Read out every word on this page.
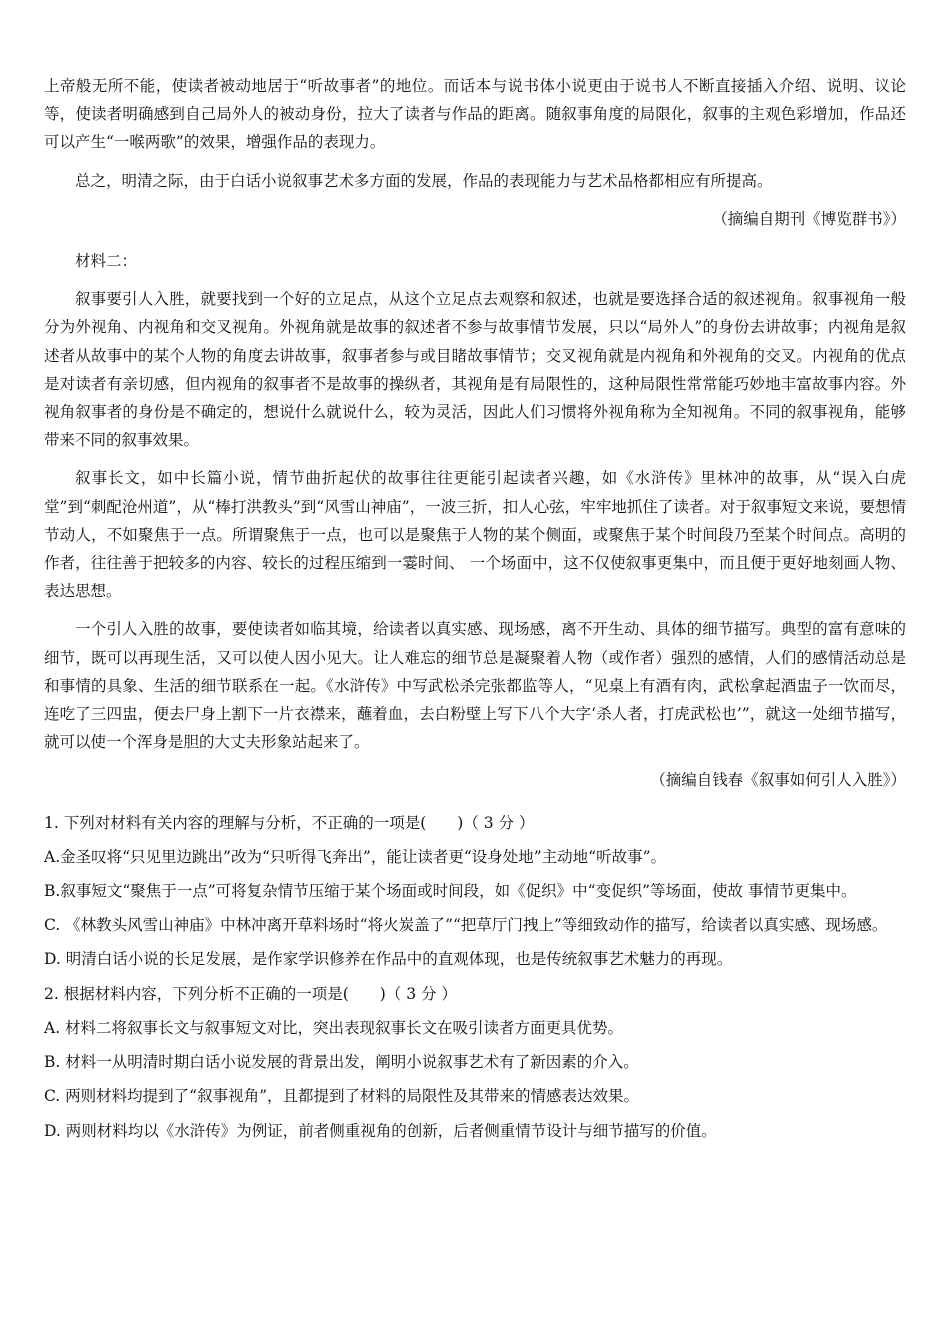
上帝般无所不能，使读者被动地居于“听故事者”的地位。而话本与说书体小说更由于说书人不断直接插入介绍、说明、议论等，使读者明确感到自己局外人的被动身份，拉大了读者与作品的距离。随叙事角度的局限化，叙事的主观色彩增加，作品还可以产生“一喉两歌”的效果，增强作品的表现力。

总之，明清之际，由于白话小说叙事艺术多方面的发展，作品的表现能力与艺术品格都相应有所提高。

（摘编自期刊《博览群书》）

材料二：

叙事要引人入胜，就要找到一个好的立足点，从这个立足点去观察和叙述，也就是要选择合适的叙述视角。叙事视角一般分为外视角、内视角和交叉视角。外视角就是故事的叙述者不参与故事情节发展，只以“局外人”的身份去讲故事；内视角是叙述者从故事中的某个人物的角度去讲故事，叙事者参与或目睹故事情节；交叉视角就是内视角和外视角的交叉。内视角的优点是对读者有亲切感，但内视角的叙事者不是故事的操纵者，其视角是有局限性的，这种局限性常常能巧妙地丰富故事内容。外视角叙事者的身份是不确定的，想说什么就说什么，较为灵活，因此人们习惯将外视角称为全知视角。不同的叙事视角，能够带来不同的叙事效果。

叙事长文，如中长篇小说，情节曲折起伏的故事往往更能引起读者兴趣，如《水浒传》里林冲的故事，从“误入白虎堂”到“刺配沧州道”，从“棒打洪教头”到“风雪山神庙”，一波三折，扣人心弦，牢牢地抓住了读者。对于叙事短文来说，要想情节动人，不如聚焦于一点。所谓聚焦于一点，也可以是聚焦于人物的某个侧面，或聚焦于某个时间段乃至某个时间点。高明的作者，往往善于把较多的内容、较长的过程压缩到一霎时间、 一个场面中，这不仅使叙事更集中，而且便于更好地刻画人物、表达思想。

一个引人入胜的故事，要使读者如临其境，给读者以真实感、现场感，离不开生动、具体的细节描写。典型的富有意味的细节，既可以再现生活，又可以使人因小见大。让人难忘的细节总是凝聚着人物（或作者）强烈的感情，人们的感情活动总是和事情的具象、生活的细节联系在一起。《水浒传》中写武松杀完张都监等人，“见桌上有酒有肉，武松拿起酒盅子一饮而尽，连吃了三四盅，便去尸身上割下一片衣襟来，蘸着血，去白粉壁上写下八个大字‘杀人者，打虎武松也’”，就这一处细节描写，就可以使一个浑身是胆的大丈夫形象站起来了。

（摘编自钱春《叙事如何引人入胜》）

1. 下列对材料有关内容的理解与分析，不正确的一项是(　　)（ 3 分 ）

A.金圣叹将“只见里边跳出”改为“只听得飞奔出”，能让读者更“设身处地”主动地“听故事”。

B.叙事短文“聚焦于一点”可将复杂情节压缩于某个场面或时间段，如《促织》中“变促织”等场面，使故 事情节更集中。

C. 《林教头风雪山神庙》中林冲离开草料场时“将火炭盖了”“把草厅门拽上”等细致动作的描写，给读者以真实感、现场感。

D. 明清白话小说的长足发展，是作家学识修养在作品中的直观体现，也是传统叙事艺术魅力的再现。

2. 根据材料内容，下列分析不正确的一项是(　　)（ 3 分 ）

A. 材料二将叙事长文与叙事短文对比，突出表现叙事长文在吸引读者方面更具优势。

B. 材料一从明清时期白话小说发展的背景出发，阐明小说叙事艺术有了新因素的介入。

C. 两则材料均提到了“叙事视角”，且都提到了材料的局限性及其带来的情感表达效果。

D. 两则材料均以《水浒传》为例证，前者侧重视角的创新，后者侧重情节设计与细节描写的价值。
